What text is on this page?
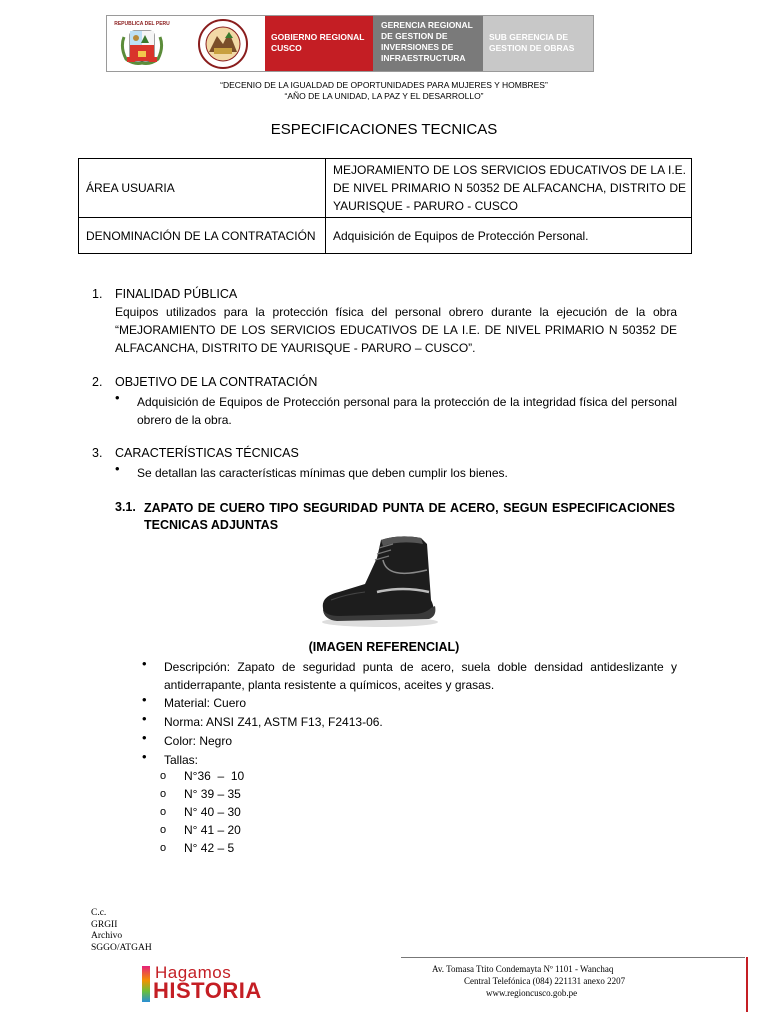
REPUBLICA DEL PERU
GOBIERNO REGIONAL
CUSCO
GERENCIA REGIONAL
DE GESTION DE
INVERSIONES DE
INFRAESTRUCTURA
SUB GERENCIA DE
GESTION DE OBRAS
“DECENIO DE LA IGUALDAD DE OPORTUNIDADES PARA MUJERES Y HOMBRES”
“AÑO DE LA UNIDAD, LA PAZ Y EL DESARROLLO”
ESPECIFICACIONES TECNICAS
ÁREA USUARIA	MEJORAMIENTO DE LOS SERVICIOS EDUCATIVOS DE LA I.E. DE NIVEL PRIMARIO N 50352 DE ALFACANCHA, DISTRITO DE YAURISQUE - PARURO - CUSCO
DENOMINACIÓN DE LA CONTRATACIÓN	Adquisición de Equipos de Protección Personal.
1. FINALIDAD PÚBLICA
Equipos utilizados para la protección física del personal obrero durante la ejecución de la obra “MEJORAMIENTO DE LOS SERVICIOS EDUCATIVOS DE LA I.E. DE NIVEL PRIMARIO N 50352 DE ALFACANCHA, DISTRITO DE YAURISQUE - PARURO – CUSCO”.
2. OBJETIVO DE LA CONTRATACIÓN
• Adquisición de Equipos de Protección personal para la protección de la integridad física del personal obrero de la obra.
3. CARACTERÍSTICAS TÉCNICAS
• Se detallan las características mínimas que deben cumplir los bienes.
3.1. ZAPATO DE CUERO TIPO SEGURIDAD PUNTA DE ACERO, SEGUN ESPECIFICACIONES TECNICAS ADJUNTAS
(IMAGEN REFERENCIAL)
• Descripción: Zapato de seguridad punta de acero, suela doble densidad antideslizante y antiderrapante, planta resistente a químicos, aceites y grasas.
• Material: Cuero
• Norma: ANSI Z41, ASTM F13, F2413-06.
• Color: Negro
• Tallas:
o N°36  –  10
o N° 39 – 35
o N° 40 – 30
o N° 41 – 20
o N° 42 – 5
C.c.
GRGII
Archivo
SGGO/ATGAH
Hagamos
HISTORIA
Av. Tomasa Ttito Condemayta Nº 1101 - Wanchaq
Central Telefónica (084) 221131 anexo 2207
www.regioncusco.gob.pe
